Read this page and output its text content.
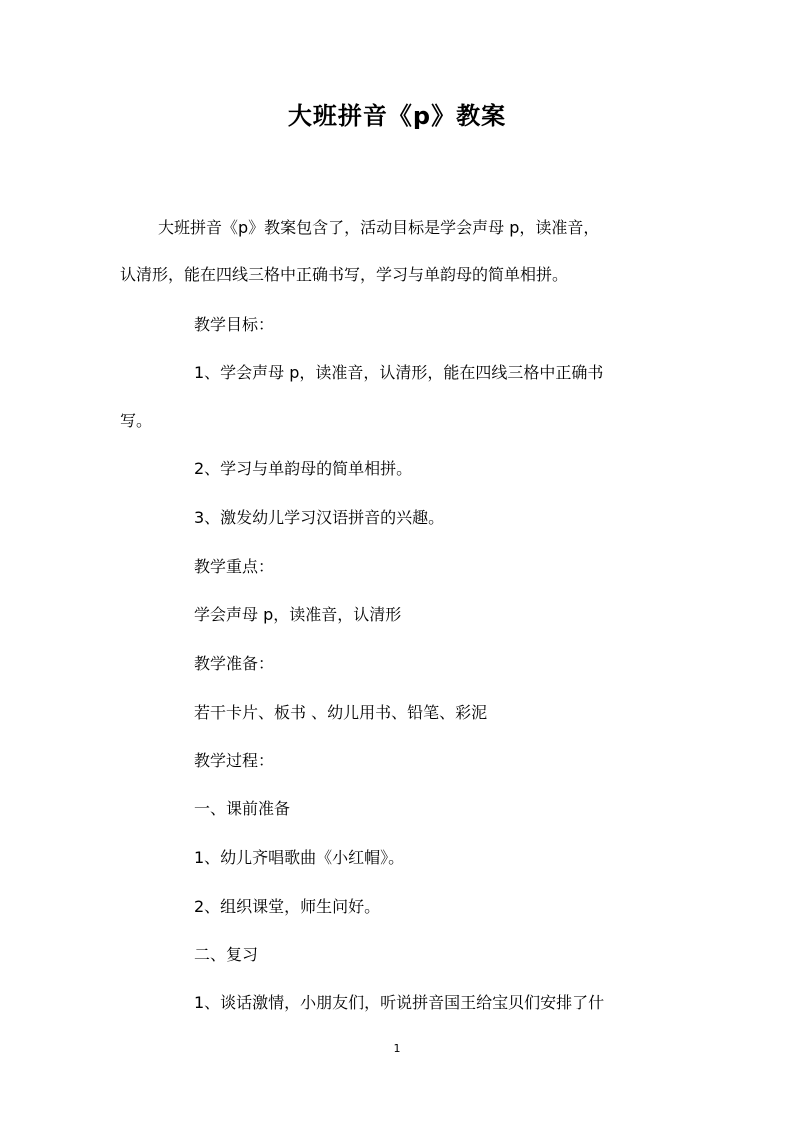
大班拼音《p》教案
大班拼音《p》教案包含了，活动目标是学会声母 p，读准音，
认清形，能在四线三格中正确书写，学习与单韵母的简单相拼。
教学目标：
1、学会声母 p，读准音，认清形，能在四线三格中正确书
写。
2、学习与单韵母的简单相拼。
3、激发幼儿学习汉语拼音的兴趣。
教学重点：
学会声母 p，读准音，认清形
教学准备：
若干卡片、板书 、幼儿用书、铅笔、彩泥
教学过程：
一、课前准备
1、幼儿齐唱歌曲《小红帽》。
2、组织课堂，师生问好。
二、复习
1、谈话激情，小朋友们，听说拼音国王给宝贝们安排了什
1
